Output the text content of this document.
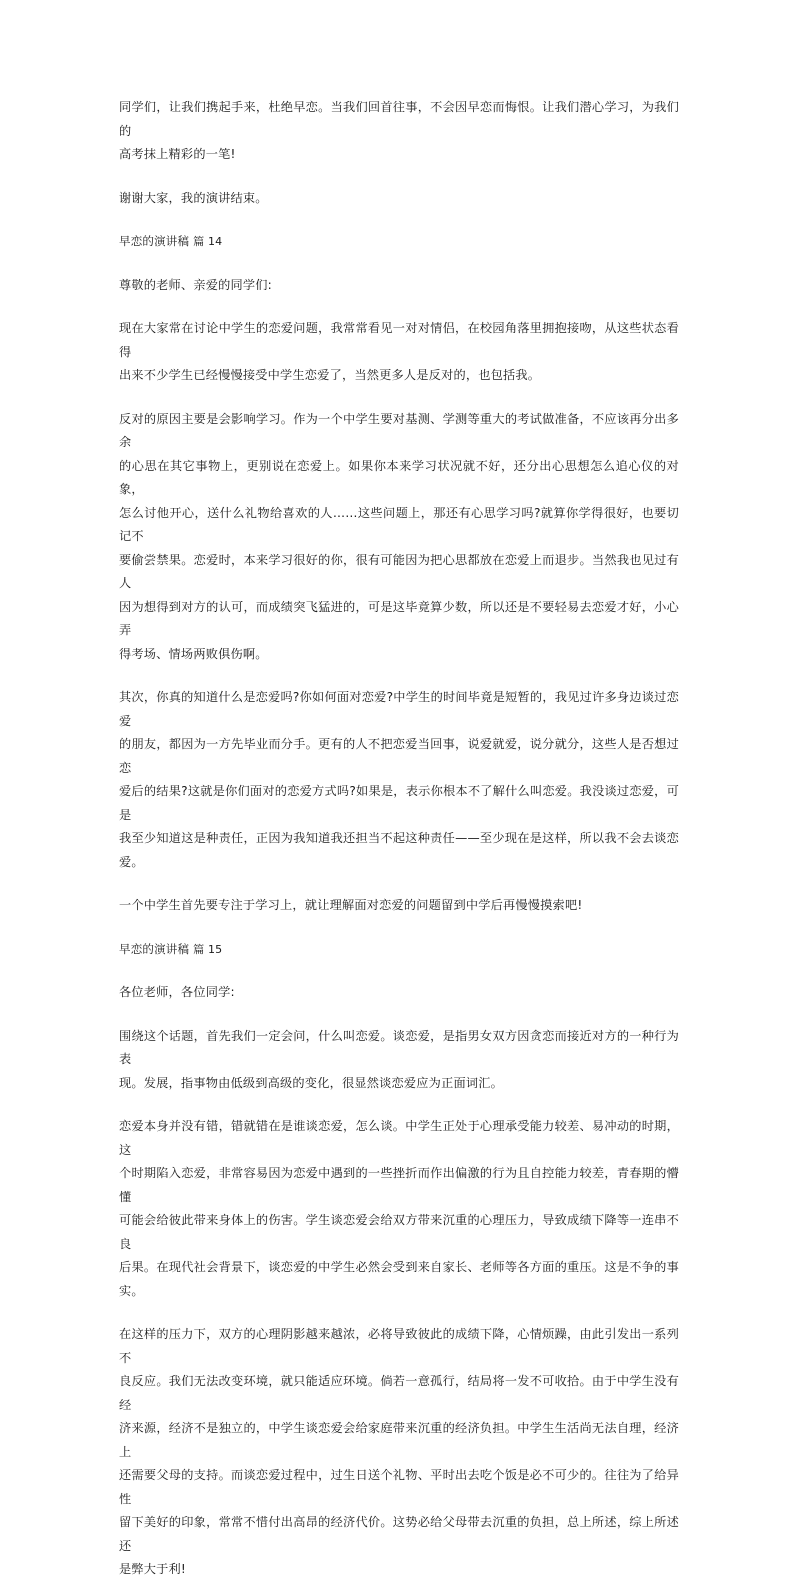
同学们，让我们携起手来，杜绝早恋。当我们回首往事，不会因早恋而悔恨。让我们潜心学习，为我们的

高考抹上精彩的一笔!

谢谢大家，我的演讲结束。

早恋的演讲稿 篇 14

尊敬的老师、亲爱的同学们:

现在大家常在讨论中学生的恋爱问题，我常常看见一对对情侣，在校园角落里拥抱接吻，从这些状态看得

出来不少学生已经慢慢接受中学生恋爱了，当然更多人是反对的，也包括我。

反对的原因主要是会影响学习。作为一个中学生要对基测、学测等重大的考试做准备，不应该再分出多余

的心思在其它事物上，更别说在恋爱上。如果你本来学习状况就不好，还分出心思想怎么追心仪的对象，

怎么讨他开心，送什么礼物给喜欢的人……这些问题上，那还有心思学习吗?就算你学得很好，也要切记不

要偷尝禁果。恋爱时，本来学习很好的你，很有可能因为把心思都放在恋爱上而退步。当然我也见过有人

因为想得到对方的认可，而成绩突飞猛进的，可是这毕竟算少数，所以还是不要轻易去恋爱才好，小心弄

得考场、情场两败俱伤啊。

其次，你真的知道什么是恋爱吗?你如何面对恋爱?中学生的时间毕竟是短暂的，我见过许多身边谈过恋爱

的朋友，都因为一方先毕业而分手。更有的人不把恋爱当回事，说爱就爱，说分就分，这些人是否想过恋

爱后的结果?这就是你们面对的恋爱方式吗?如果是，表示你根本不了解什么叫恋爱。我没谈过恋爱，可是

我至少知道这是种责任，正因为我知道我还担当不起这种责任——至少现在是这样，所以我不会去谈恋爱。

一个中学生首先要专注于学习上，就让理解面对恋爱的问题留到中学后再慢慢摸索吧!

早恋的演讲稿 篇 15

各位老师，各位同学:

围绕这个话题，首先我们一定会问，什么叫恋爱。谈恋爱，是指男女双方因贪恋而接近对方的一种行为表

现。发展，指事物由低级到高级的变化，很显然谈恋爱应为正面词汇。

恋爱本身并没有错，错就错在是谁谈恋爱，怎么谈。中学生正处于心理承受能力较差、易冲动的时期，这

个时期陷入恋爱，非常容易因为恋爱中遇到的一些挫折而作出偏激的行为且自控能力较差，青春期的懵懂

可能会给彼此带来身体上的伤害。学生谈恋爱会给双方带来沉重的心理压力，导致成绩下降等一连串不良

后果。在现代社会背景下，谈恋爱的中学生必然会受到来自家长、老师等各方面的重压。这是不争的事实。

在这样的压力下，双方的心理阴影越来越浓，必将导致彼此的成绩下降，心情烦躁，由此引发出一系列不

良反应。我们无法改变环境，就只能适应环境。倘若一意孤行，结局将一发不可收拾。由于中学生没有经

济来源，经济不是独立的，中学生谈恋爱会给家庭带来沉重的经济负担。中学生生活尚无法自理，经济上

还需要父母的支持。而谈恋爱过程中，过生日送个礼物、平时出去吃个饭是必不可少的。往往为了给异性

留下美好的印象，常常不惜付出高昂的经济代价。这势必给父母带去沉重的负担，总上所述，综上所述还

是弊大于利!
